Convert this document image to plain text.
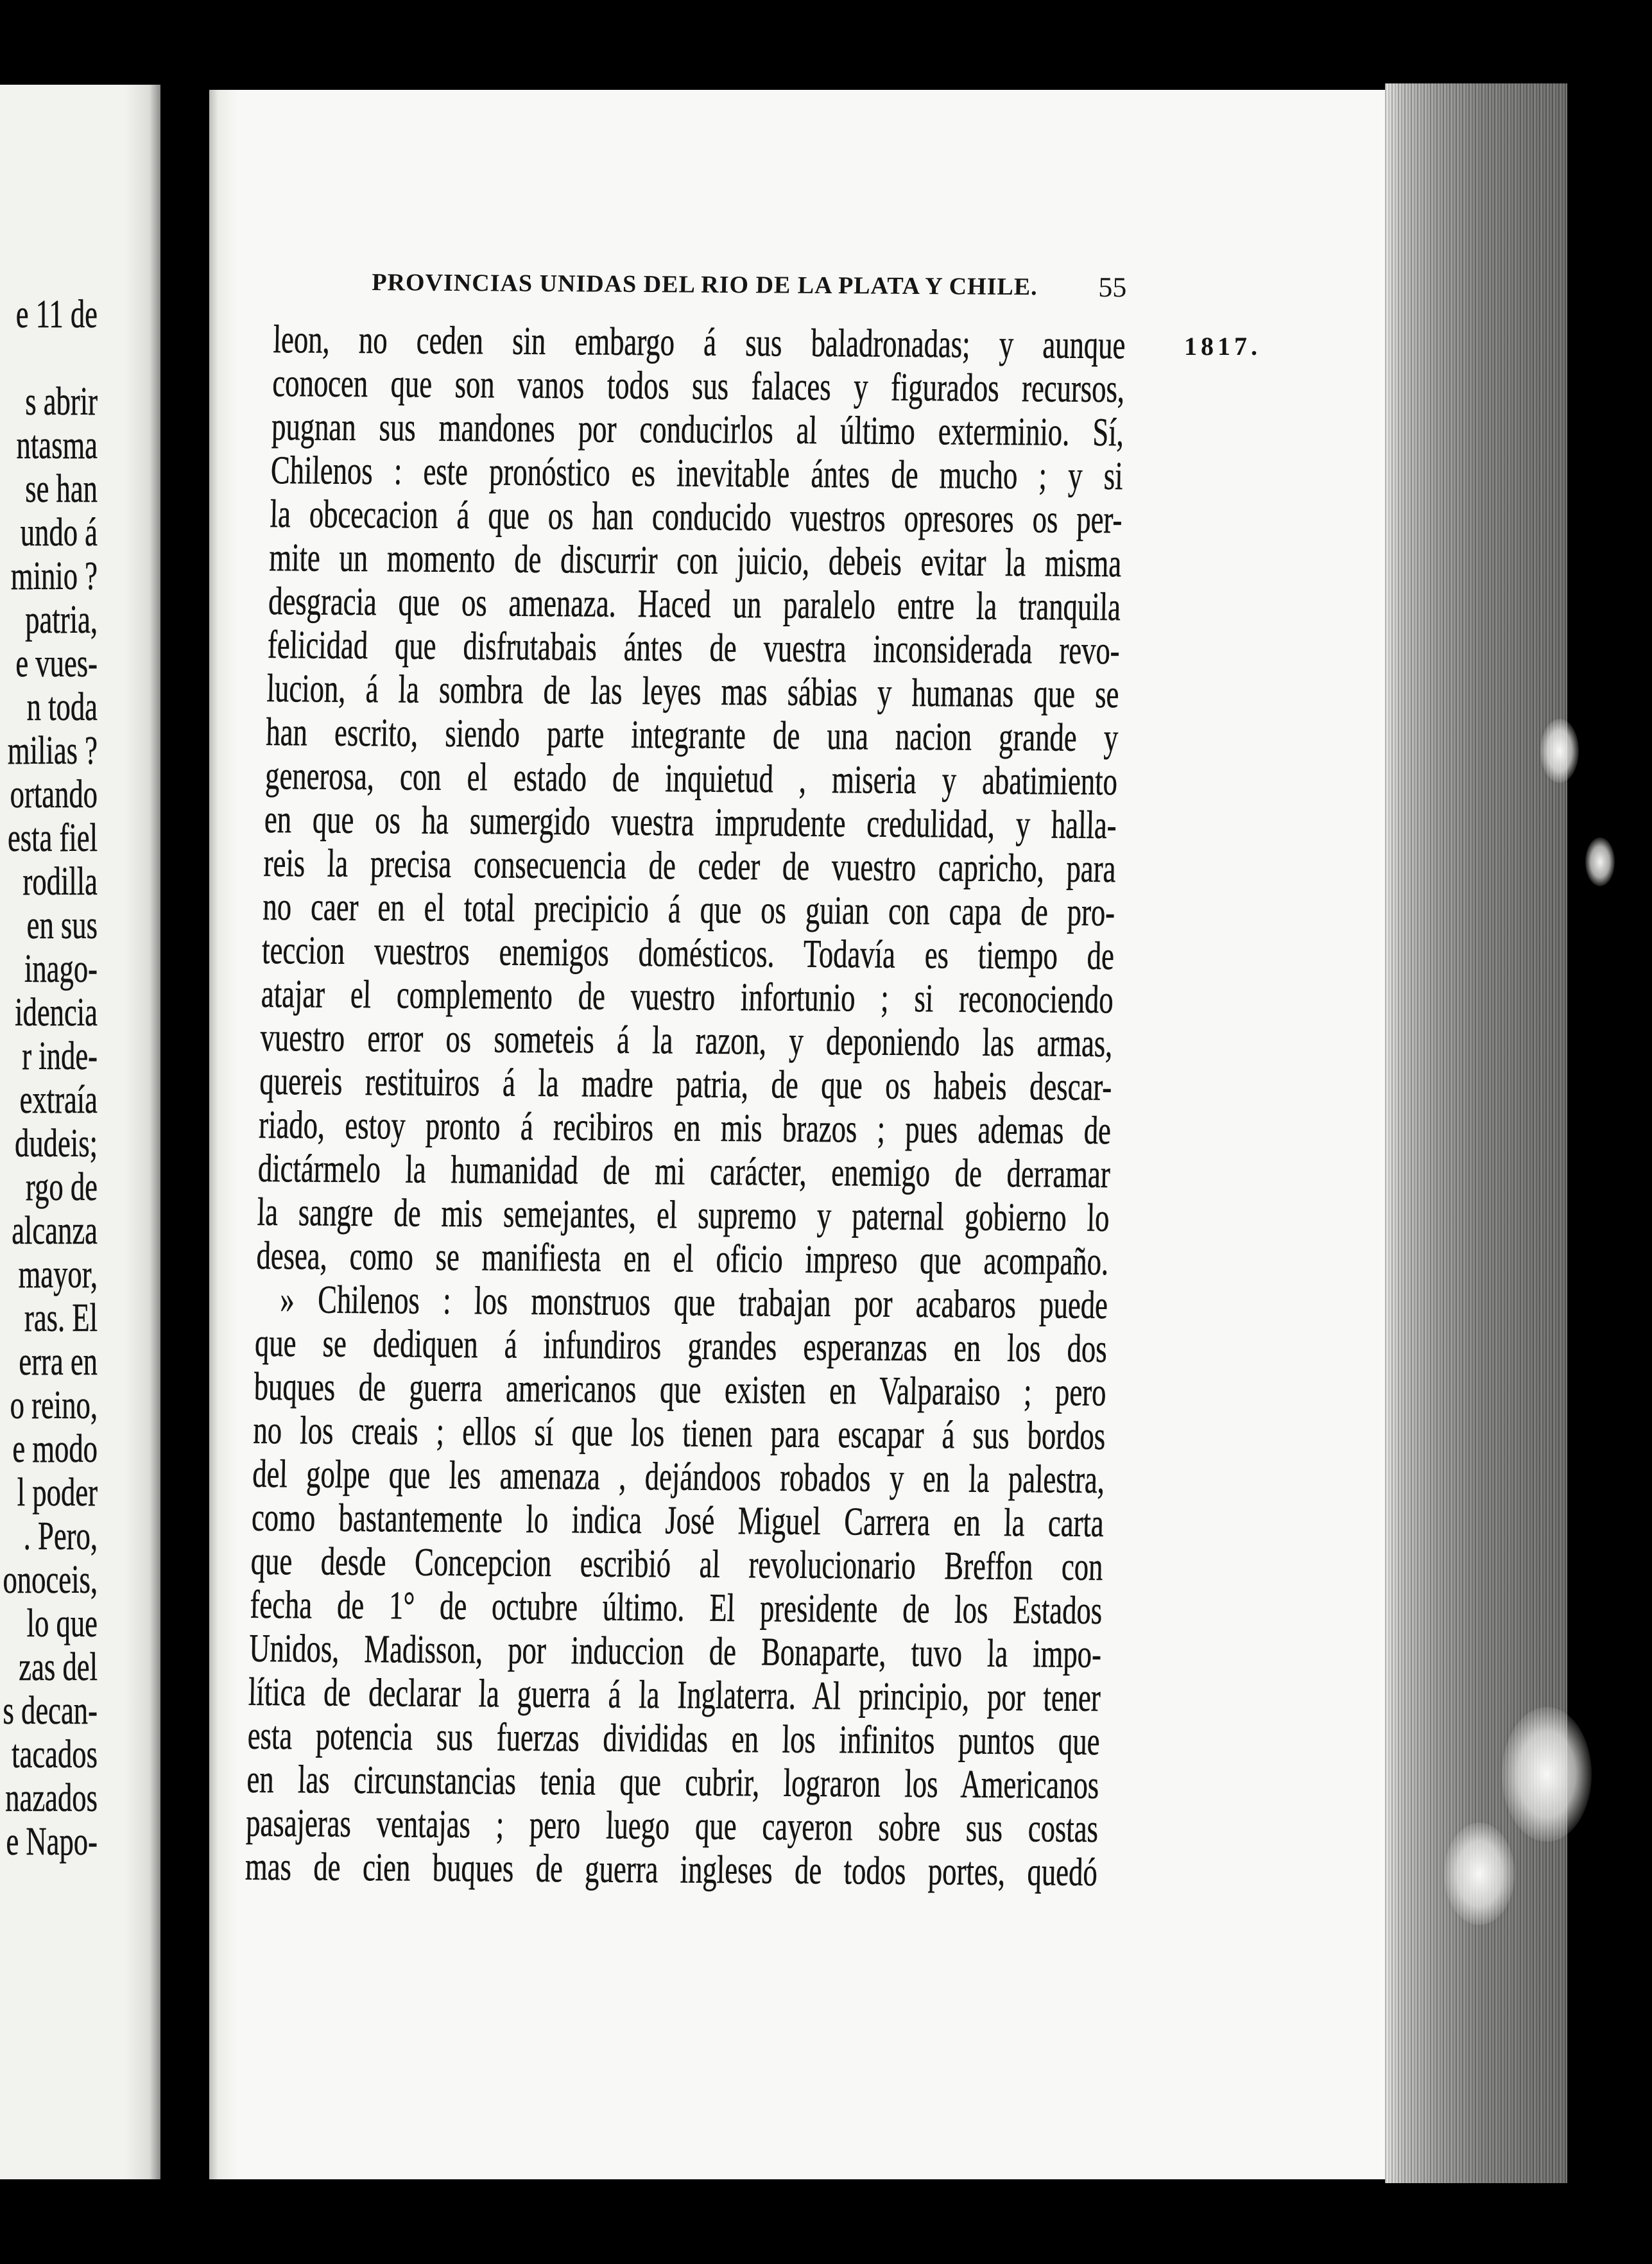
e 11 de
s abrir
ntasma
se han
undo á
minio ?
patria,
e vues-
n toda
milias ?
ortando
esta fiel
rodilla
en sus
inago-
idencia
r inde-
extraía
dudeis;
rgo de
alcanza
mayor,
ras. El
erra en
o reino,
e modo
l poder
. Pero,
onoceis,
lo que
zas del
s decan-
tacados
nazados
e Napo-
1817.
PROVINCIAS UNIDAS DEL RIO DE LA PLATA Y CHILE. 55
leon, no ceden sin embargo á sus baladronadas; y aunque
conocen que son vanos todos sus falaces y figurados recursos,
pugnan sus mandones por conducirlos al último exterminio. Sí,
Chilenos : este pronóstico es inevitable ántes de mucho ; y si
la obcecacion á que os han conducido vuestros opresores os per-
mite un momento de discurrir con juicio, debeis evitar la misma
desgracia que os amenaza. Haced un paralelo entre la tranquila
felicidad que disfrutabais ántes de vuestra inconsiderada revo-
lucion, á la sombra de las leyes mas sábias y humanas que se
han escrito, siendo parte integrante de una nacion grande y
generosa, con el estado de inquietud , miseria y abatimiento
en que os ha sumergido vuestra imprudente credulidad, y halla-
reis la precisa consecuencia de ceder de vuestro capricho, para
no caer en el total precipicio á que os guian con capa de pro-
teccion vuestros enemigos domésticos. Todavía es tiempo de
atajar el complemento de vuestro infortunio ; si reconociendo
vuestro error os someteis á la razon, y deponiendo las armas,
quereis restituiros á la madre patria, de que os habeis descar-
riado, estoy pronto á recibiros en mis brazos ; pues ademas de
dictármelo la humanidad de mi carácter, enemigo de derramar
la sangre de mis semejantes, el supremo y paternal gobierno lo
desea, como se manifiesta en el oficio impreso que acompaño.
» Chilenos : los monstruos que trabajan por acabaros puede
que se dediquen á infundiros grandes esperanzas en los dos
buques de guerra americanos que existen en Valparaiso ; pero
no los creais ; ellos sí que los tienen para escapar á sus bordos
del golpe que les amenaza , dejándoos robados y en la palestra,
como bastantemente lo indica José Miguel Carrera en la carta
que desde Concepcion escribió al revolucionario Breffon con
fecha de 1° de octubre último. El presidente de los Estados
Unidos, Madisson, por induccion de Bonaparte, tuvo la impo-
lítica de declarar la guerra á la Inglaterra. Al principio, por tener
esta potencia sus fuerzas divididas en los infinitos puntos que
en las circunstancias tenia que cubrir, lograron los Americanos
pasajeras ventajas ; pero luego que cayeron sobre sus costas
mas de cien buques de guerra ingleses de todos portes, quedó
